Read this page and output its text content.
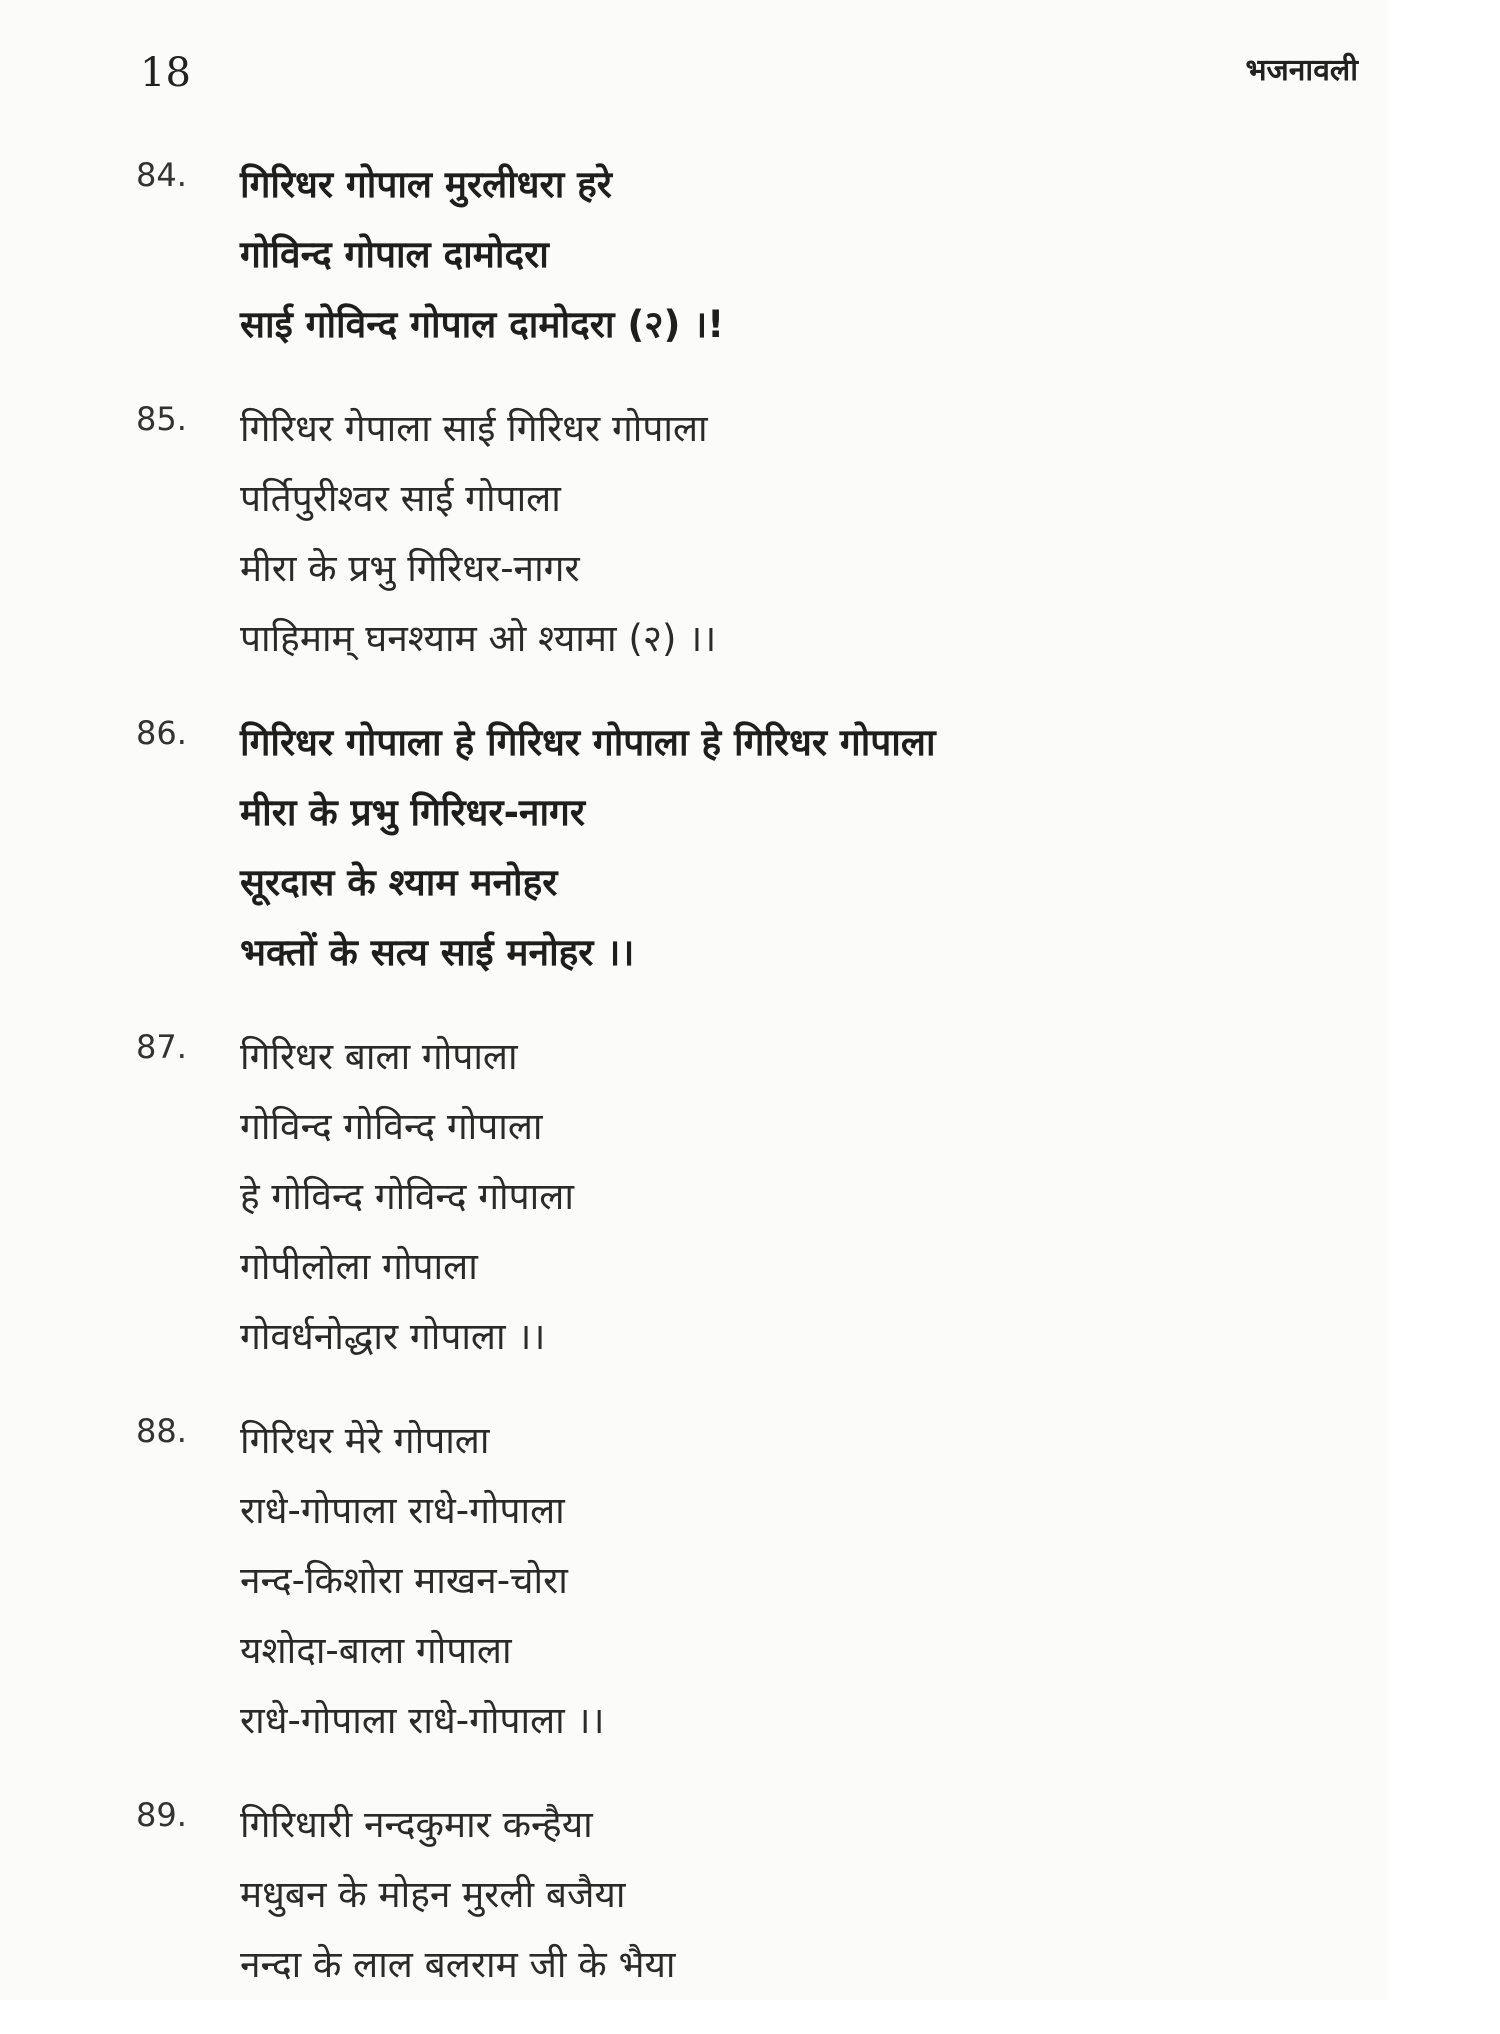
18	भजनावली
84. गिरिधर गोपाल मुरलीधरा हरे
गोविन्द गोपाल दामोदरा
साई गोविन्द गोपाल दामोदरा (२) ।!
85. गिरिधर गेपाला साई गिरिधर गोपाला
पर्तिपुरीश्वर साई गोपाला
मीरा के प्रभु गिरिधर-नागर
पाहिमाम् घनश्याम ओ श्यामा (२) ।।
86. गिरिधर गोपाला हे गिरिधर गोपाला हे गिरिधर गोपाला
मीरा के प्रभु गिरिधर-नागर
सूरदास के श्याम मनोहर
भक्तों के सत्य साई मनोहर ।।
87. गिरिधर बाला गोपाला
गोविन्द गोविन्द गोपाला
हे गोविन्द गोविन्द गोपाला
गोपीलोला गोपाला
गोवर्धनोद्धार गोपाला ।।
88. गिरिधर मेरे गोपाला
राधे-गोपाला राधे-गोपाला
नन्द-किशोरा माखन-चोरा
यशोदा-बाला गोपाला
राधे-गोपाला राधे-गोपाला ।।
89. गिरिधारी नन्दकुमार कन्हैया
मधुबन के मोहन मुरली बजैया
नन्दा के लाल बलराम जी के भैया
